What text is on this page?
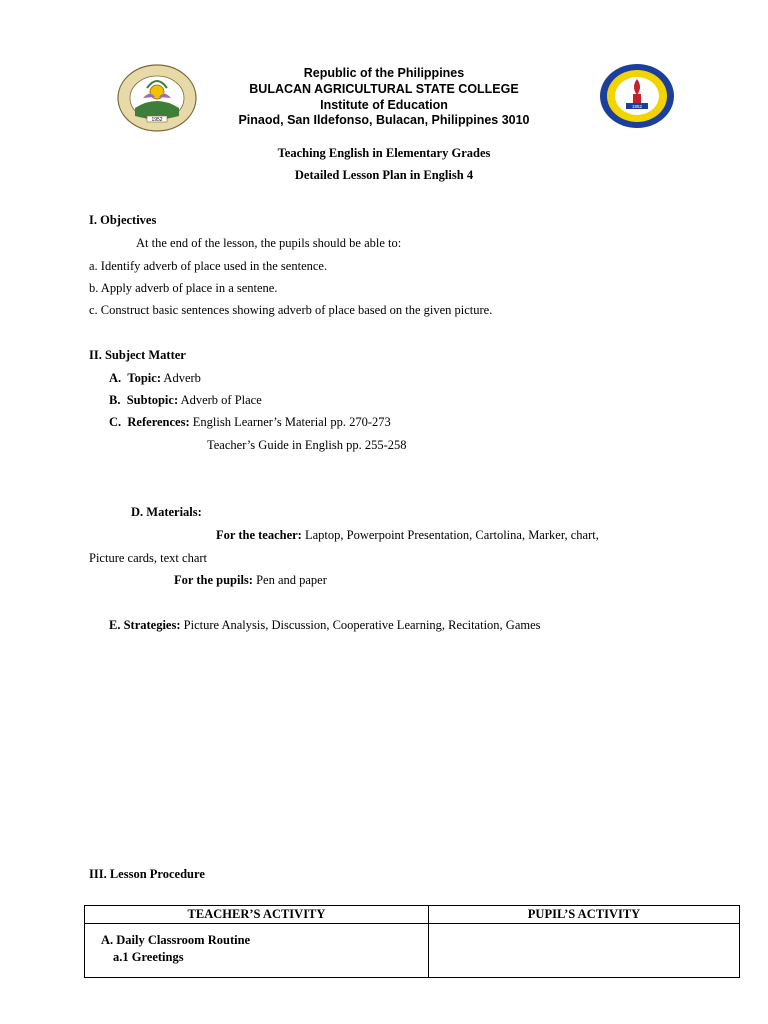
1952
1952
Republic of the Philippines
BULACAN AGRICULTURAL STATE COLLEGE
Institute of Education
Pinaod, San Ildefonso, Bulacan, Philippines 3010
Teaching English in Elementary Grades
Detailed Lesson Plan in English 4
I. Objectives
At the end of the lesson, the pupils should be able to:
a. Identify adverb of place used in the sentence.
b. Apply adverb of place in a sentene.
c. Construct basic sentences showing adverb of place based on the given picture.
II. Subject Matter
A.  Topic: Adverb
B.  Subtopic: Adverb of Place
C.  References: English Learner’s Material pp. 270-273
Teacher’s Guide in English pp. 255-258
D. Materials:
For the teacher: Laptop, Powerpoint Presentation, Cartolina, Marker, chart,
Picture cards, text chart
For the pupils: Pen and paper
E. Strategies: Picture Analysis, Discussion, Cooperative Learning, Recitation, Games
III. Lesson Procedure
TEACHER’S ACTIVITY	PUPIL’S ACTIVITY

A. Daily Classroom Routine
a.1 Greetings	
